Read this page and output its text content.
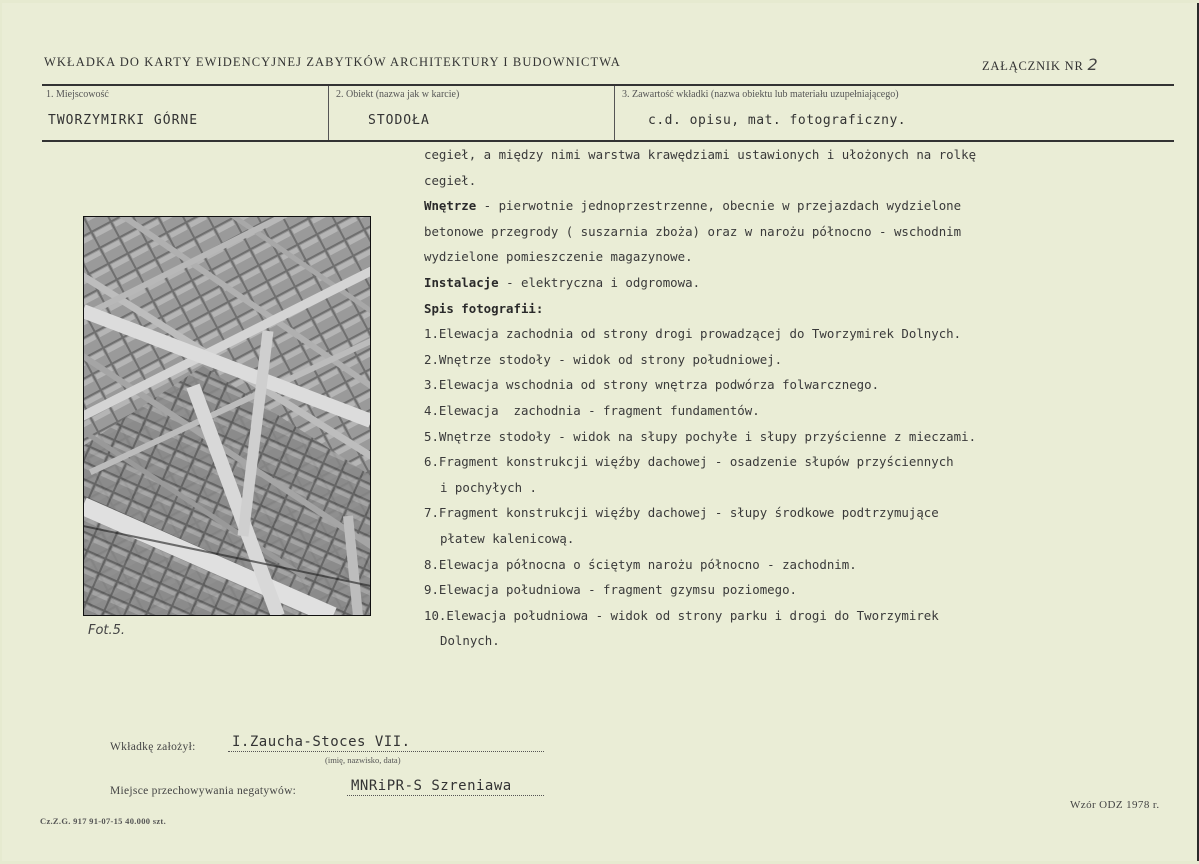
WKŁADKA DO KARTY EWIDENCYJNEJ ZABYTKÓW ARCHITEKTURY I BUDOWNICTWA	ZAŁĄCZNIK NR 2
1. Miejscowość
TWORZYMIRKI GÓRNE
2. Obiekt (nazwa jak w karcie)
STODOŁA
3. Zawartość wkładki (nazwa obiektu lub materiału uzupełniającego)
c.d. opisu, mat. fotograficzny.
cegieł, a między nimi warstwa krawędziami ustawionych i ułożonych na rolkę
cegieł.
Wnętrze - pierwotnie jednoprzestrzenne, obecnie w przejazdach wydzielone
betonowe przegrody ( suszarnia zboża) oraz w narożu północno - wschodnim
wydzielone pomieszczenie magazynowe.
Instalacje - elektryczna i odgromowa.
Spis fotografii:
1.Elewacja zachodnia od strony drogi prowadzącej do Tworzymirek Dolnych.
2.Wnętrze stodoły - widok od strony południowej.
3.Elewacja wschodnia od strony wnętrza podwórza folwarcznego.
4.Elewacja  zachodnia - fragment fundamentów.
5.Wnętrze stodoły - widok na słupy pochyłe i słupy przyścienne z mieczami.
6.Fragment konstrukcji więźby dachowej - osadzenie słupów przyściennych
i pochyłych .
7.Fragment konstrukcji więźby dachowej - słupy środkowe podtrzymujące
płatew kalenicową.
8.Elewacja północna o ściętym narożu północno - zachodnim.
9.Elewacja południowa - fragment gzymsu poziomego.
10.Elewacja południowa - widok od strony parku i drogi do Tworzymirek
Dolnych.
Fot.5.
Wkładkę założył:	I.Zaucha-Stoces VII.
(imię, nazwisko, data)
Miejsce przechowywania negatywów:	MNRiPR-S Szreniawa
Cz.Z.G. 917 91-07-15 40.000 szt.
Wzór ODZ 1978 r.
